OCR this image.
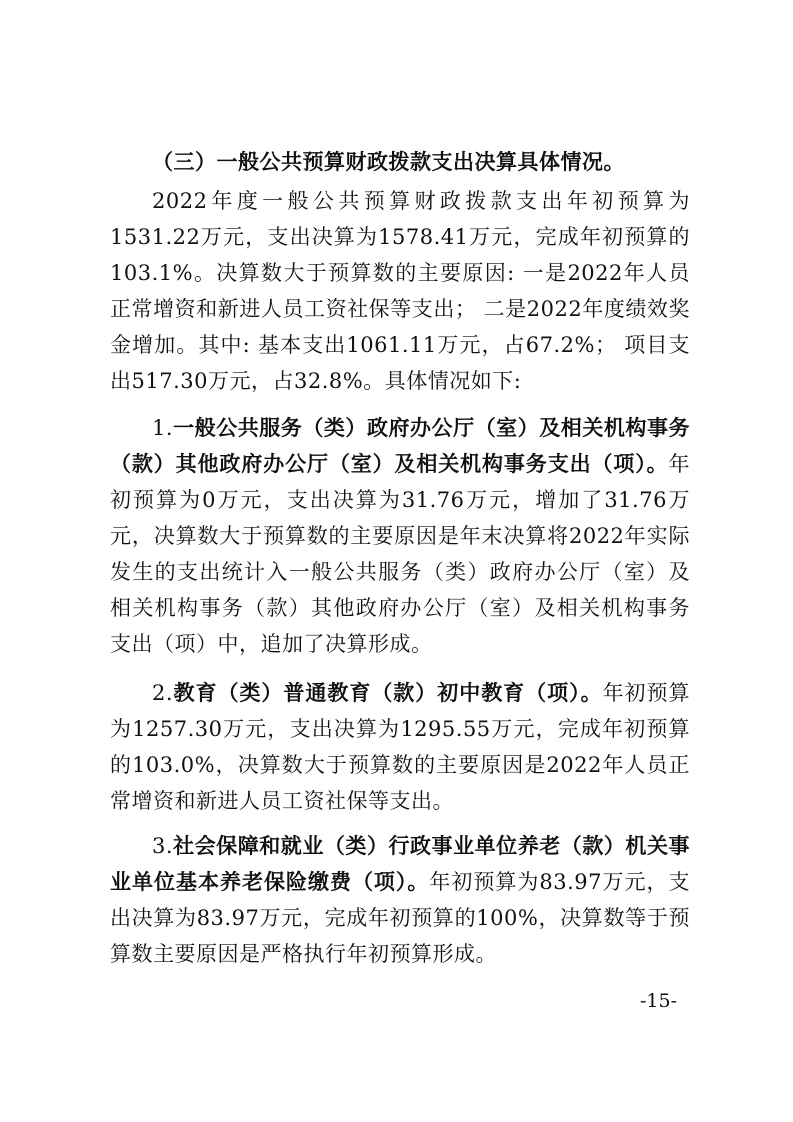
（三）一般公共预算财政拨款支出决算具体情况。

2022年度一般公共预算财政拨款支出年初预算为1531.22万元，支出决算为1578.41万元，完成年初预算的103.1%。决算数大于预算数的主要原因: 一是2022年人员正常增资和新进人员工资社保等支出； 二是2022年度绩效奖金增加。其中: 基本支出1061.11万元，占67.2%； 项目支出517.30万元，占32.8%。具体情况如下:

1.一般公共服务（类）政府办公厅（室）及相关机构事务（款）其他政府办公厅（室）及相关机构事务支出（项）。年初预算为0万元，支出决算为31.76万元，增加了31.76万元，决算数大于预算数的主要原因是年末决算将2022年实际发生的支出统计入一般公共服务（类）政府办公厅（室）及相关机构事务（款）其他政府办公厅（室）及相关机构事务支出（项）中，追加了决算形成。

2.教育（类）普通教育（款）初中教育（项）。年初预算为1257.30万元，支出决算为1295.55万元，完成年初预算的103.0%，决算数大于预算数的主要原因是2022年人员正常增资和新进人员工资社保等支出。

3.社会保障和就业（类）行政事业单位养老（款）机关事业单位基本养老保险缴费（项）。年初预算为83.97万元，支出决算为83.97万元，完成年初预算的100%，决算数等于预算数主要原因是严格执行年初预算形成。

-15-
